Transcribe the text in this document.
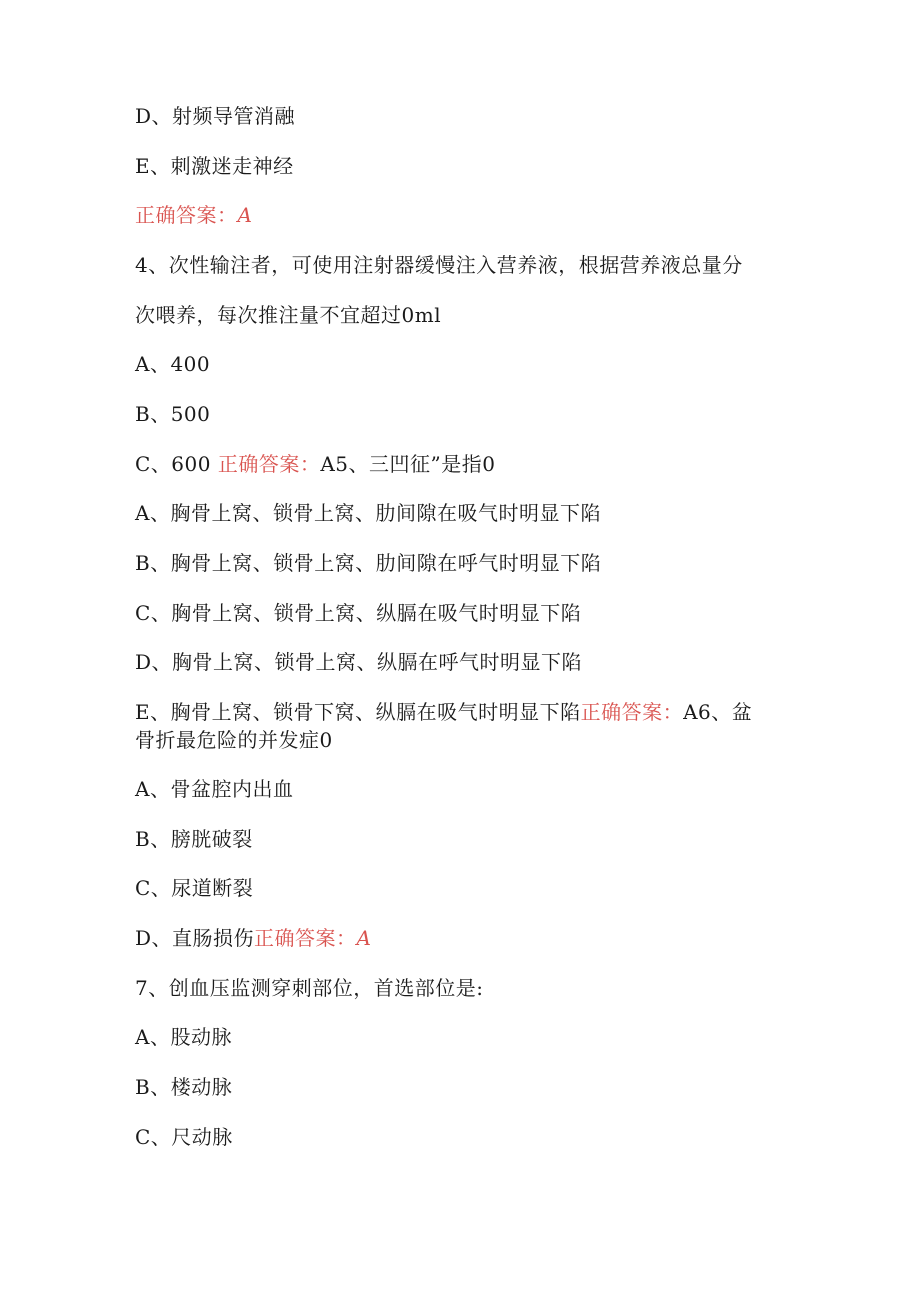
D、射频导管消融
E、刺激迷走神经
正确答案：A
4、次性输注者，可使用注射器缓慢注入营养液，根据营养液总量分
次喂养，每次推注量不宜超过0ml
A、400
B、500
C、600 正确答案：A5、三凹征”是指0
A、胸骨上窝、锁骨上窝、肋间隙在吸气时明显下陷
B、胸骨上窝、锁骨上窝、肋间隙在呼气时明显下陷
C、胸骨上窝、锁骨上窝、纵膈在吸气时明显下陷
D、胸骨上窝、锁骨上窝、纵膈在呼气时明显下陷
E、胸骨上窝、锁骨下窝、纵膈在吸气时明显下陷正确答案：A6、盆
骨折最危险的并发症0
A、骨盆腔内出血
B、膀胱破裂
C、尿道断裂
D、直肠损伤正确答案：A
7、创血压监测穿刺部位，首选部位是:
A、股动脉
B、楼动脉
C、尺动脉
